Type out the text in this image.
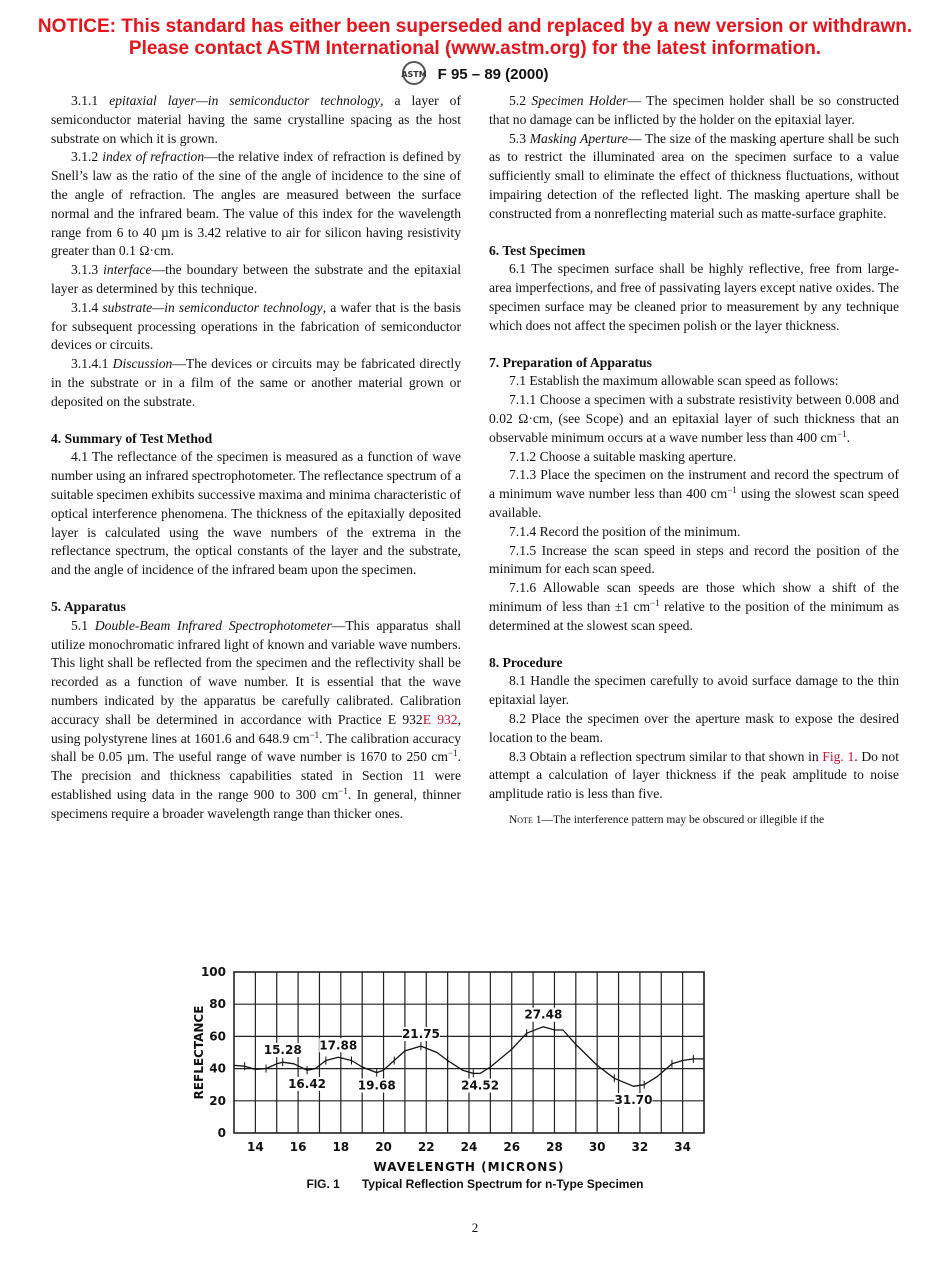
NOTICE: This standard has either been superseded and replaced by a new version or withdrawn.
Please contact ASTM International (www.astm.org) for the latest information.
ASTM F 95 – 89 (2000)

3.1.1 epitaxial layer—in semiconductor technology, a layer of semiconductor material having the same crystalline spacing as the host substrate on which it is grown.

3.1.2 index of refraction—the relative index of refraction is defined by Snell’s law as the ratio of the sine of the angle of incidence to the sine of the angle of refraction. The angles are measured between the surface normal and the infrared beam. The value of this index for the wavelength range from 6 to 40 µm is 3.42 relative to air for silicon having resistivity greater than 0.1 Ω·cm.

3.1.3 interface—the boundary between the substrate and the epitaxial layer as determined by this technique.

3.1.4 substrate—in semiconductor technology, a wafer that is the basis for subsequent processing operations in the fabrication of semiconductor devices or circuits.

3.1.4.1 Discussion—The devices or circuits may be fabricated directly in the substrate or in a film of the same or another material grown or deposited on the substrate.

4. Summary of Test Method

4.1 The reflectance of the specimen is measured as a function of wave number using an infrared spectrophotometer. The reflectance spectrum of a suitable specimen exhibits successive maxima and minima characteristic of optical interference phenomena. The thickness of the epitaxially deposited layer is calculated using the wave numbers of the extrema in the reflectance spectrum, the optical constants of the layer and the substrate, and the angle of incidence of the infrared beam upon the specimen.

5. Apparatus

5.1 Double-Beam Infrared Spectrophotometer—This apparatus shall utilize monochromatic infrared light of known and variable wave numbers. This light shall be reflected from the specimen and the reflectivity shall be recorded as a function of wave number. It is essential that the wave numbers indicated by the apparatus be carefully calibrated. Calibration accuracy shall be determined in accordance with Practice E 932E 932, using polystyrene lines at 1601.6 and 648.9 $cm^{-1}$. The calibration accuracy shall be 0.05 µm. The useful range of wave number is 1670 to 250 $cm^{-1}$. The precision and thickness capabilities stated in Section 11 were established using data in the range 900 to 300 $cm^{-1}$. In general, thinner specimens require a broader wavelength range than thicker ones.

5.2 Specimen Holder— The specimen holder shall be so constructed that no damage can be inflicted by the holder on the epitaxial layer.

5.3 Masking Aperture— The size of the masking aperture shall be such as to restrict the illuminated area on the specimen surface to a value sufficiently small to eliminate the effect of thickness fluctuations, without impairing detection of the reflected light. The masking aperture shall be constructed from a nonreflecting material such as matte-surface graphite.

6. Test Specimen

6.1 The specimen surface shall be highly reflective, free from large-area imperfections, and free of passivating layers except native oxides. The specimen surface may be cleaned prior to measurement by any technique which does not affect the specimen polish or the layer thickness.

7. Preparation of Apparatus

7.1 Establish the maximum allowable scan speed as follows:

7.1.1 Choose a specimen with a substrate resistivity between 0.008 and 0.02 Ω·cm, (see Scope) and an epitaxial layer of such thickness that an observable minimum occurs at a wave number less than 400 $cm^{-1}$.

7.1.2 Choose a suitable masking aperture.

7.1.3 Place the specimen on the instrument and record the spectrum of a minimum wave number less than 400 $cm^{-1}$ using the slowest scan speed available.

7.1.4 Record the position of the minimum.

7.1.5 Increase the scan speed in steps and record the position of the minimum for each scan speed.

7.1.6 Allowable scan speeds are those which show a shift of the minimum of less than ±1 $cm^{-1}$ relative to the position of the minimum as determined at the slowest scan speed.

8. Procedure

8.1 Handle the specimen carefully to avoid surface damage to the thin epitaxial layer.

8.2 Place the specimen over the aperture mask to expose the desired location to the beam.

8.3 Obtain a reflection spectrum similar to that shown in Fig. 1. Do not attempt a calculation of layer thickness if the peak amplitude to noise amplitude ratio is less than five.

Note 1—The interference pattern may be obscured or illegible if the

14 16 18 20 22 24 26 28 30 32 34
0
20
40
60
80
100
15.28
16.42
17.88
19.68
21.75
24.52
27.48
31.70
WAVELENGTH (MICRONS)
REFLECTANCE
FIG. 1 Typical Reflection Spectrum for n-Type Specimen
2
